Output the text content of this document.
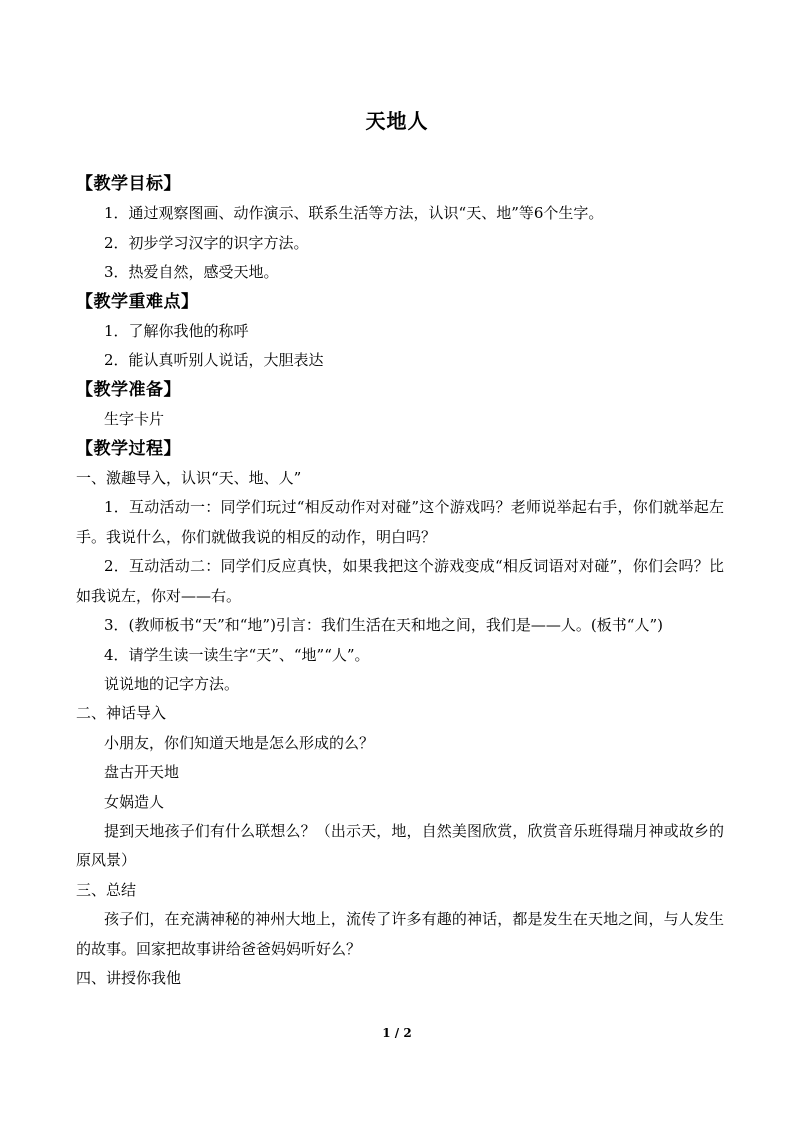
天地人
【教学目标】
1．通过观察图画、动作演示、联系生活等方法，认识“天、地”等6个生字。
2．初步学习汉字的识字方法。
3．热爱自然，感受天地。
【教学重难点】
1．了解你我他的称呼
2．能认真听别人说话，大胆表达
【教学准备】
生字卡片
【教学过程】
一、激趣导入，认识“天、地、人”
1．互动活动一：同学们玩过“相反动作对对碰”这个游戏吗？老师说举起右手，你们就举起左手。我说什么，你们就做我说的相反的动作，明白吗？
2．互动活动二：同学们反应真快，如果我把这个游戏变成“相反词语对对碰”，你们会吗？比如我说左，你对——右。
3．(教师板书“天”和“地”)引言：我们生活在天和地之间，我们是——人。(板书“人”)
4．请学生读一读生字“天”、“地”“人”。
说说地的记字方法。
二、神话导入
小朋友，你们知道天地是怎么形成的么？
盘古开天地
女娲造人
提到天地孩子们有什么联想么？（出示天，地，自然美图欣赏，欣赏音乐班得瑞月神或故乡的原风景）
三、总结
孩子们，在充满神秘的神州大地上，流传了许多有趣的神话，都是发生在天地之间，与人发生的故事。回家把故事讲给爸爸妈妈听好么？
四、讲授你我他
1 / 2
